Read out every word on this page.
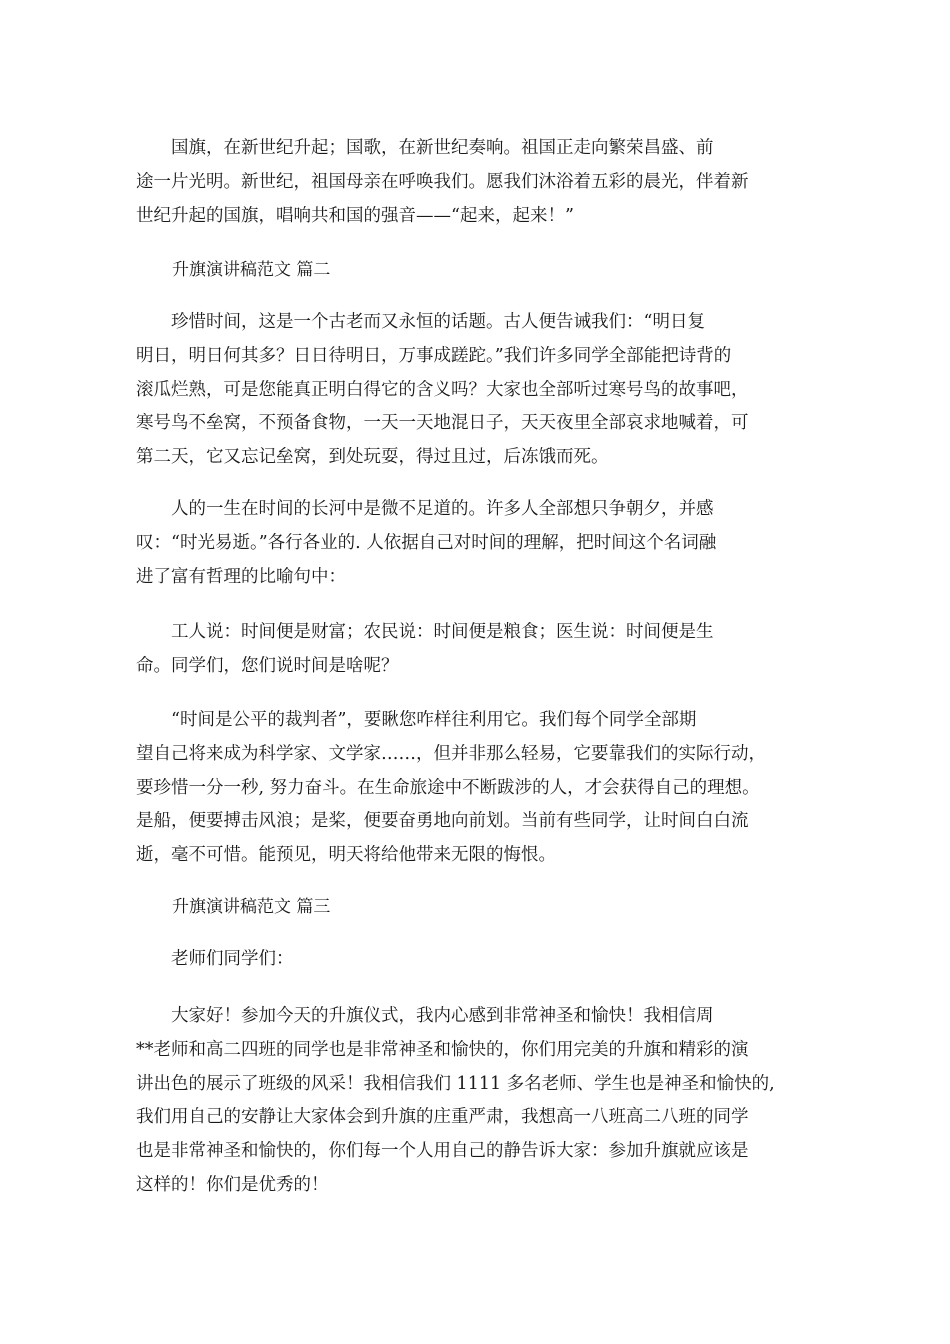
　　国旗，在新世纪升起；国歌，在新世纪奏响。祖国正走向繁荣昌盛、前
途一片光明。新世纪，祖国母亲在呼唤我们。愿我们沐浴着五彩的晨光，伴着新
世纪升起的国旗，唱响共和国的强音——“起来，起来！”

升旗演讲稿范文 篇二

　　珍惜时间，这是一个古老而又永恒的话题。古人便告诫我们：“明日复
明日，明日何其多？日日待明日，万事成蹉跎。”我们许多同学全部能把诗背的
滚瓜烂熟，可是您能真正明白得它的含义吗？大家也全部听过寒号鸟的故事吧，
寒号鸟不垒窝，不预备食物，一天一天地混日子，天天夜里全部哀求地喊着，可
第二天，它又忘记垒窝，到处玩耍，得过且过，后冻饿而死。

　　人的一生在时间的长河中是微不足道的。许多人全部想只争朝夕，并感
叹：“时光易逝。”各行各业的. 人依据自己对时间的理解，把时间这个名词融
进了富有哲理的比喻句中：

　　工人说：时间便是财富；农民说：时间便是粮食；医生说：时间便是生
命。同学们，您们说时间是啥呢？

　　“时间是公平的裁判者”，要瞅您咋样往利用它。我们每个同学全部期
望自己将来成为科学家、文学家……，但并非那么轻易，它要靠我们的实际行动，
要珍惜一分一秒, 努力奋斗。在生命旅途中不断跋涉的人，才会获得自己的理想。
是船，便要搏击风浪；是桨，便要奋勇地向前划。当前有些同学，让时间白白流
逝，毫不可惜。能预见，明天将给他带来无限的悔恨。

升旗演讲稿范文 篇三

　　老师们同学们：

　　大家好！参加今天的升旗仪式，我内心感到非常神圣和愉快！我相信周
**老师和高二四班的同学也是非常神圣和愉快的，你们用完美的升旗和精彩的演
讲出色的展示了班级的风采！我相信我们 1111 多名老师、学生也是神圣和愉快的,
我们用自己的安静让大家体会到升旗的庄重严肃，我想高一八班高二八班的同学
也是非常神圣和愉快的，你们每一个人用自己的静告诉大家：参加升旗就应该是
这样的！你们是优秀的！
